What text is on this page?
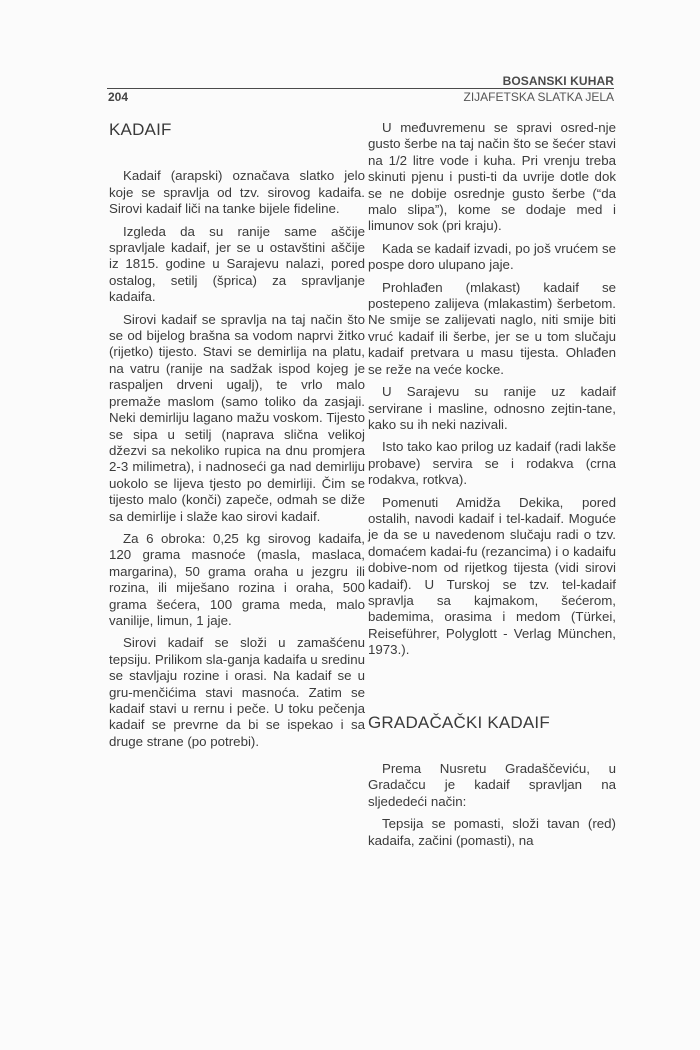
BOSANSKI KUHAR
204	ZIJAFETSKA SLATKA JELA
KADAIF

Kadaif (arapski) označava slatko jelo koje se spravlja od tzv. sirovog kadaifa. Sirovi kadaif liči na tanke bijele fideline.

Izgleda da su ranije same aščije spravljale kadaif, jer se u ostavštini aščije iz 1815. godine u Sarajevu nalazi, pored ostalog, setilj (šprica) za spravljanje kadaifa.

Sirovi kadaif se spravlja na taj način što se od bijelog brašna sa vodom naprvi žitko (rijetko) tijesto. Stavi se demirlija na platu, na vatru (ranije na sadžak ispod kojeg je raspaljen drveni ugalj), te vrlo malo premaže maslom (samo toliko da zasjaji. Neki demirliju lagano mažu voskom. Tijesto se sipa u setilj (naprava slična velikoj džezvi sa nekoliko rupica na dnu promjera 2-3 milimetra), i nadnoseći ga nad demirliju uokolo se lijeva tjesto po demirliji. Čim se tijesto malo (konči) zapeče, odmah se diže sa demirlije i slaže kao sirovi kadaif.

Za 6 obroka: 0,25 kg sirovog kadaifa, 120 grama masnoće (masla, maslaca, margarina), 50 grama oraha u jezgru ili rozina, ili miješano rozina i oraha, 500 grama šećera, 100 grama meda, malo vanilije, limun, 1 jaje.

Sirovi kadaif se složi u zamašćenu tepsiju. Prilikom sla-ganja kadaifa u sredinu se stavljaju rozine i orasi. Na kadaif se u gru-menčićima stavi masnoća. Zatim se kadaif stavi u rernu i peče. U toku pečenja kadaif se prevrne da bi se ispekao i sa druge strane (po potrebi).

U međuvremenu se spravi osred-nje gusto šerbe na taj način što se šećer stavi na 1/2 litre vode i kuha. Pri vrenju treba skinuti pjenu i pusti-ti da uvrije dotle dok se ne dobije osrednje gusto šerbe (“da malo slipa”), kome se dodaje med i limunov sok (pri kraju).

Kada se kadaif izvadi, po još vrućem se pospe doro ulupano jaje.

Prohlađen (mlakast) kadaif se postepeno zalijeva (mlakastim) šerbetom. Ne smije se zalijevati naglo, niti smije biti vruć kadaif ili šerbe, jer se u tom slučaju kadaif pretvara u masu tijesta. Ohlađen se reže na veće kocke.

U Sarajevu su ranije uz kadaif servirane i masline, odnosno zejtin-tane, kako su ih neki nazivali.

Isto tako kao prilog uz kadaif (radi lakše probave) servira se i rodakva (crna rodakva, rotkva).

Pomenuti Amidža Dekika, pored ostalih, navodi kadaif i tel-kadaif. Moguće je da se u navedenom slučaju radi o tzv. domaćem kadai-fu (rezancima) i o kadaifu dobive-nom od rijetkog tijesta (vidi sirovi kadaif). U Turskoj se tzv. tel-kadaif spravlja sa kajmakom, šećerom, bademima, orasima i medom (Türkei, Reiseführer, Polyglott - Verlag München, 1973.).

GRADAČAČKI KADAIF

Prema Nusretu Gradaščeviću, u Gradačcu je kadaif spravljan na sljededeći način:

Tepsija se pomasti, složi tavan (red) kadaifa, začini (pomasti), na
